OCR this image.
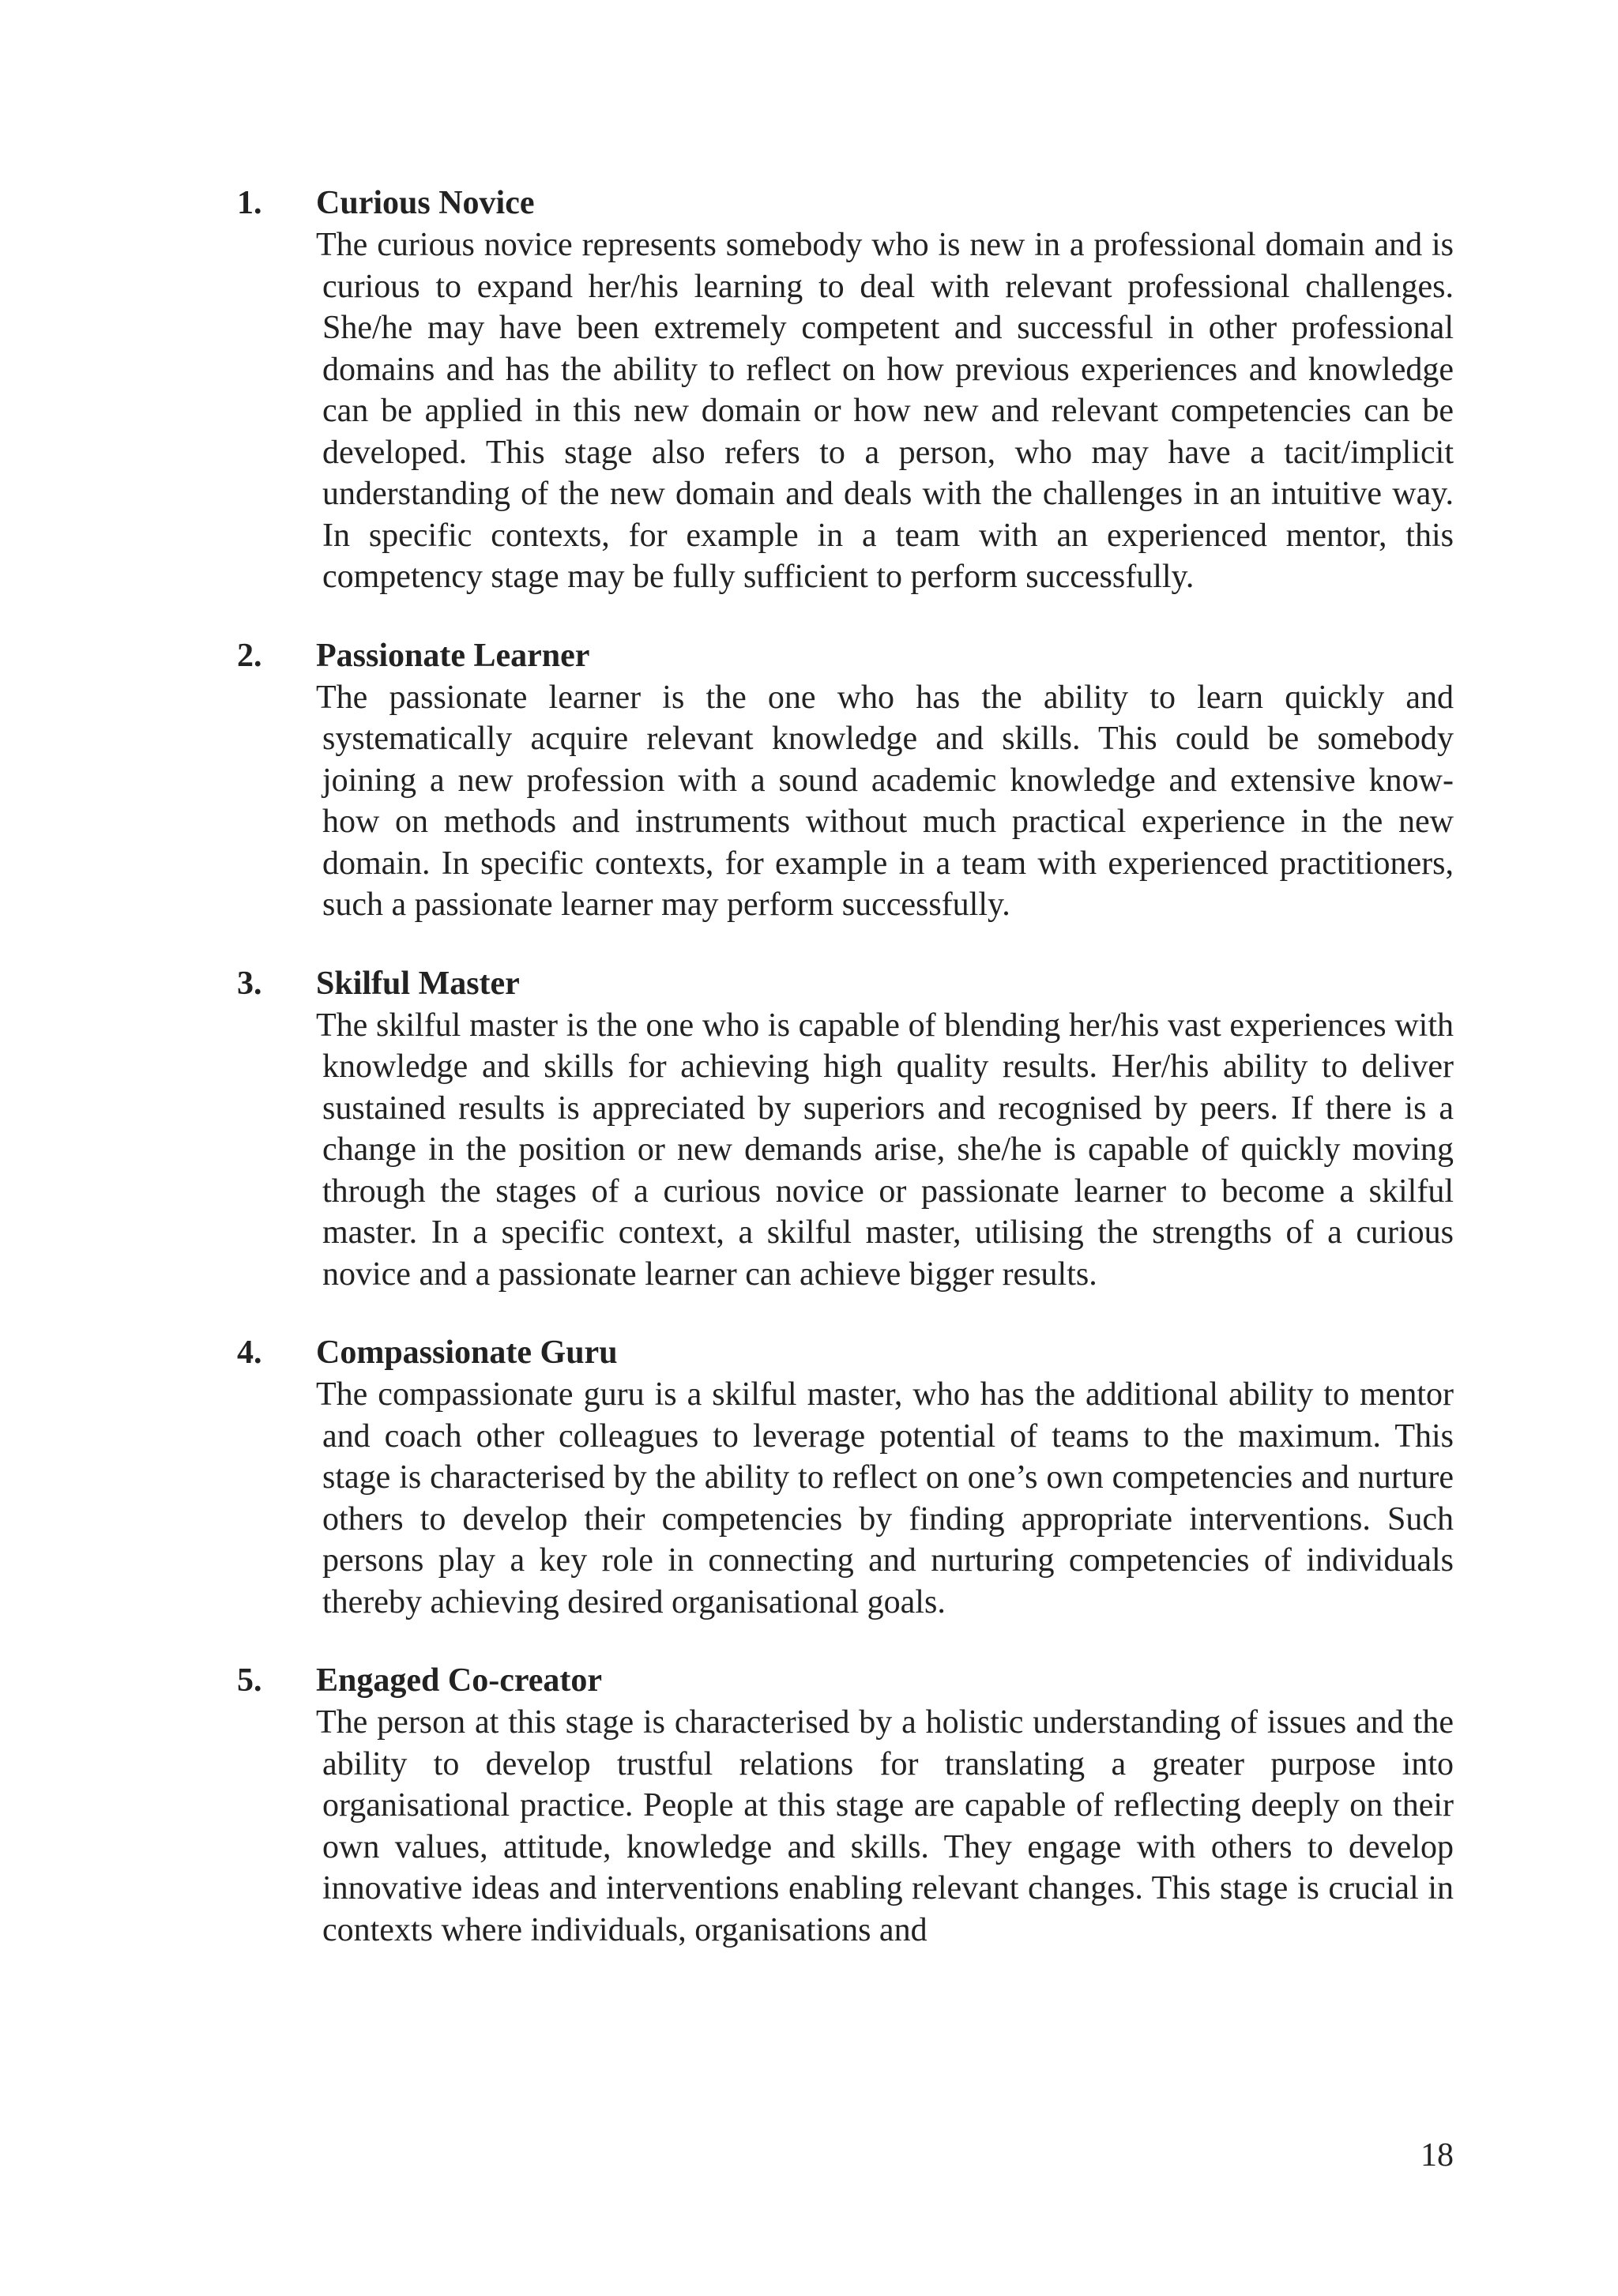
1. Curious Novice

The curious novice represents somebody who is new in a professional domain and is curious to expand her/his learning to deal with relevant professional challenges. She/he may have been extremely competent and successful in other professional domains and has the ability to reflect on how previous experiences and knowledge can be applied in this new domain or how new and relevant competencies can be developed. This stage also refers to a person, who may have a tacit/implicit understanding of the new domain and deals with the challenges in an intuitive way. In specific contexts, for example in a team with an experienced mentor, this competency stage may be fully sufficient to perform successfully.

2. Passionate Learner

The passionate learner is the one who has the ability to learn quickly and systematically acquire relevant knowledge and skills. This could be somebody joining a new profession with a sound academic knowledge and extensive know-how on methods and instruments without much practical experience in the new domain. In specific contexts, for example in a team with experienced practitioners, such a passionate learner may perform successfully.

3. Skilful Master

The skilful master is the one who is capable of blending her/his vast experiences with knowledge and skills for achieving high quality results. Her/his ability to deliver sustained results is appreciated by superiors and recognised by peers. If there is a change in the position or new demands arise, she/he is capable of quickly moving through the stages of a curious novice or passionate learner to become a skilful master. In a specific context, a skilful master, utilising the strengths of a curious novice and a passionate learner can achieve bigger results.

4. Compassionate Guru

The compassionate guru is a skilful master, who has the additional ability to mentor and coach other colleagues to leverage potential of teams to the maximum. This stage is characterised by the ability to reflect on one’s own competencies and nurture others to develop their competencies by finding appropriate interventions. Such persons play a key role in connecting and nurturing competencies of individuals thereby achieving desired organisational goals.

5. Engaged Co-creator

The person at this stage is characterised by a holistic understanding of issues and the ability to develop trustful relations for translating a greater purpose into organisational practice. People at this stage are capable of reflecting deeply on their own values, attitude, knowledge and skills. They engage with others to develop innovative ideas and interventions enabling relevant changes. This stage is crucial in contexts where individuals, organisations and

18
